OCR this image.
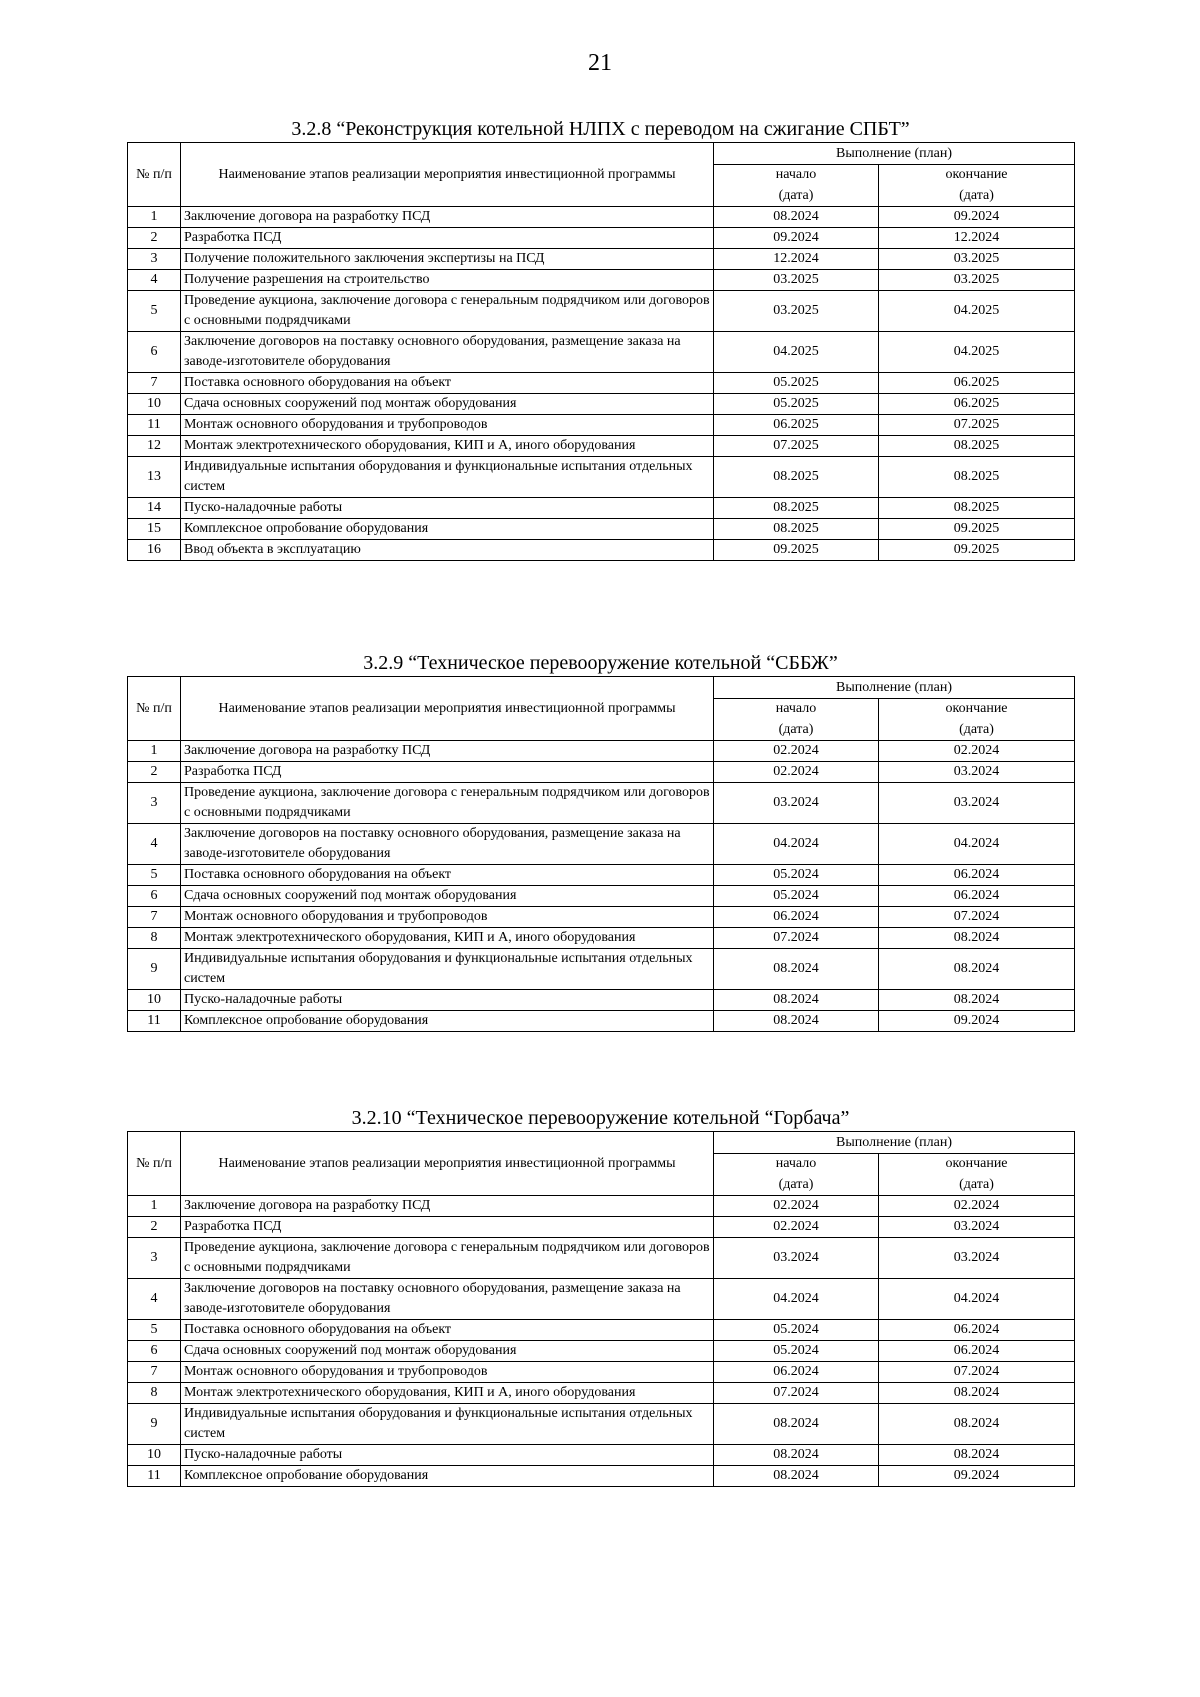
21
3.2.8 “Реконструкция котельной НЛПХ с переводом на сжигание СПБТ”
№ п/п	Наименование этапов реализации мероприятия инвестиционной программы	Выполнение (план)	
		начало	окончание
		(дата)	(дата)
1	Заключение договора на разработку ПСД	08.2024	09.2024
2	Разработка ПСД	09.2024	12.2024
3	Получение положительного заключения экспертизы на ПСД	12.2024	03.2025
4	Получение разрешения на строительство	03.2025	03.2025
5	Проведение аукциона, заключение договора с генеральным подрядчиком или договоров с основными подрядчиками	03.2025	04.2025
6	Заключение договоров на поставку основного оборудования, размещение заказа на заводе-изготовителе оборудования	04.2025	04.2025
7	Поставка основного оборудования на объект	05.2025	06.2025
10	Сдача основных сооружений под монтаж оборудования	05.2025	06.2025
11	Монтаж основного оборудования и трубопроводов	06.2025	07.2025
12	Монтаж электротехнического оборудования, КИП и А, иного оборудования	07.2025	08.2025
13	Индивидуальные испытания оборудования и функциональные испытания отдельных систем	08.2025	08.2025
14	Пуско-наладочные работы	08.2025	08.2025
15	Комплексное опробование оборудования	08.2025	09.2025
16	Ввод объекта в эксплуатацию	09.2025	09.2025
3.2.9 “Техническое перевооружение котельной “СББЖ”
№ п/п	Наименование этапов реализации мероприятия инвестиционной программы	Выполнение (план)	
		начало	окончание
		(дата)	(дата)
1	Заключение договора на разработку ПСД	02.2024	02.2024
2	Разработка ПСД	02.2024	03.2024
3	Проведение аукциона, заключение договора с генеральным подрядчиком или договоров с основными подрядчиками	03.2024	03.2024
4	Заключение договоров на поставку основного оборудования, размещение заказа на заводе-изготовителе оборудования	04.2024	04.2024
5	Поставка основного оборудования на объект	05.2024	06.2024
6	Сдача основных сооружений под монтаж оборудования	05.2024	06.2024
7	Монтаж основного оборудования и трубопроводов	06.2024	07.2024
8	Монтаж электротехнического оборудования, КИП и А, иного оборудования	07.2024	08.2024
9	Индивидуальные испытания оборудования и функциональные испытания отдельных систем	08.2024	08.2024
10	Пуско-наладочные работы	08.2024	08.2024
11	Комплексное опробование оборудования	08.2024	09.2024
3.2.10 “Техническое перевооружение котельной “Горбача”
№ п/п	Наименование этапов реализации мероприятия инвестиционной программы	Выполнение (план)	
		начало	окончание
		(дата)	(дата)
1	Заключение договора на разработку ПСД	02.2024	02.2024
2	Разработка ПСД	02.2024	03.2024
3	Проведение аукциона, заключение договора с генеральным подрядчиком или договоров с основными подрядчиками	03.2024	03.2024
4	Заключение договоров на поставку основного оборудования, размещение заказа на заводе-изготовителе оборудования	04.2024	04.2024
5	Поставка основного оборудования на объект	05.2024	06.2024
6	Сдача основных сооружений под монтаж оборудования	05.2024	06.2024
7	Монтаж основного оборудования и трубопроводов	06.2024	07.2024
8	Монтаж электротехнического оборудования, КИП и А, иного оборудования	07.2024	08.2024
9	Индивидуальные испытания оборудования и функциональные испытания отдельных систем	08.2024	08.2024
10	Пуско-наладочные работы	08.2024	08.2024
11	Комплексное опробование оборудования	08.2024	09.2024
